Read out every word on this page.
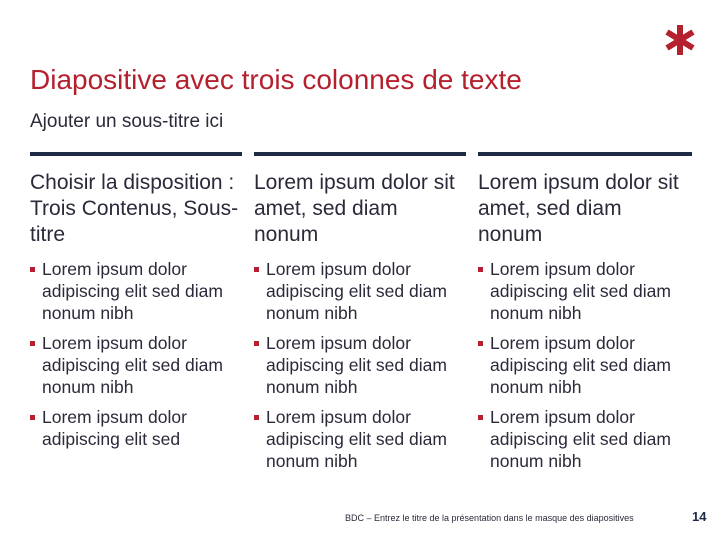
Diapositive avec trois colonnes de texte
Ajouter un sous-titre ici
Choisir la disposition : Trois Contenus, Sous-titre
Lorem ipsum dolor adipiscing elit sed diam nonum nibh
Lorem ipsum dolor adipiscing elit sed diam nonum nibh
Lorem ipsum dolor adipiscing elit sed
Lorem ipsum dolor sit amet, sed diam nonum
Lorem ipsum dolor adipiscing elit sed diam nonum nibh
Lorem ipsum dolor adipiscing elit sed diam nonum nibh
Lorem ipsum dolor adipiscing elit sed diam nonum nibh
Lorem ipsum dolor sit amet, sed diam nonum
Lorem ipsum dolor adipiscing elit sed diam nonum nibh
Lorem ipsum dolor adipiscing elit sed diam nonum nibh
Lorem ipsum dolor adipiscing elit sed diam nonum nibh
BDC – Entrez le titre de la présentation dans le masque des diapositives	14
